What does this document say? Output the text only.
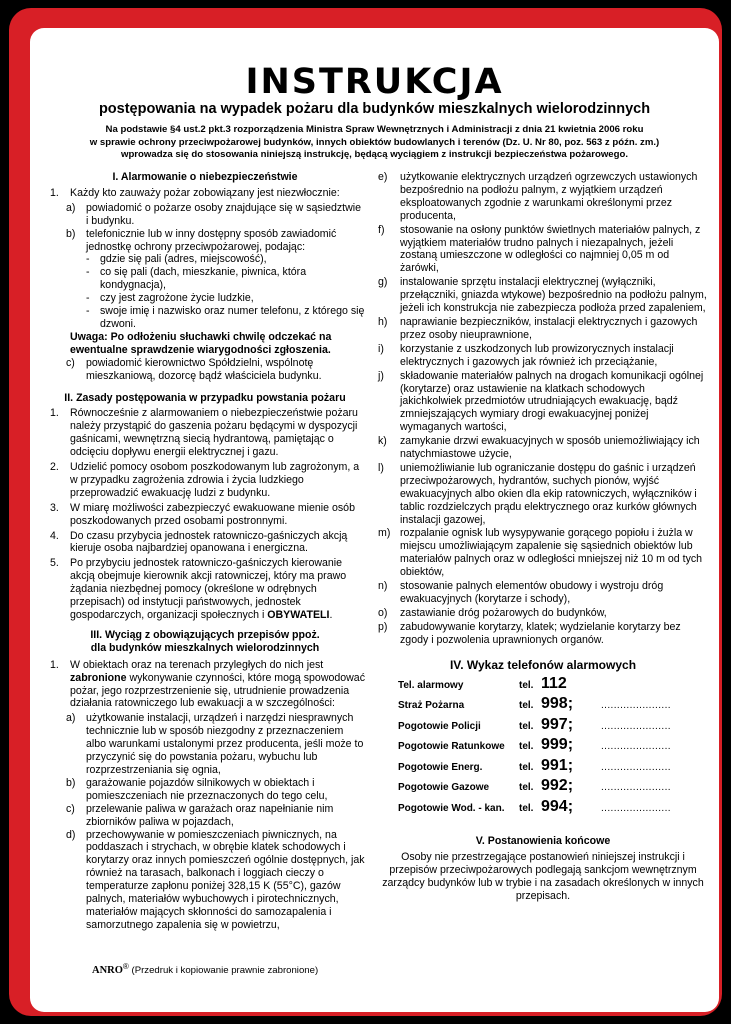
INSTRUKCJA
postępowania na wypadek pożaru dla budynków mieszkalnych wielorodzinnych
Na podstawie §4 ust.2 pkt.3 rozporządzenia Ministra Spraw Wewnętrznych i Administracji z dnia 21 kwietnia 2006 roku
w sprawie ochrony przeciwpożarowej budynków, innych obiektów budowlanych i terenów (Dz. U. Nr 80, poz. 563 z późn. zm.)
wprowadza się do stosowania niniejszą instrukcję, będącą wyciągiem z instrukcji bezpieczeństwa pożarowego.
I. Alarmowanie o niebezpieczeństwie
1. Każdy kto zauważy pożar zobowiązany jest niezwłocznie:
a) powiadomić o pożarze osoby znajdujące się w sąsiedztwie i budynku.
b) telefonicznie lub w inny dostępny sposób zawiadomić jednostkę ochrony przeciwpożarowej, podając:
- gdzie się pali (adres, miejscowość),
- co się pali (dach, mieszkanie, piwnica, która kondygnacja),
- czy jest zagrożone życie ludzkie,
- swoje imię i nazwisko oraz numer telefonu, z którego się dzwoni.
Uwaga: Po odłożeniu słuchawki chwilę odczekać na ewentualne sprawdzenie wiarygodności zgłoszenia.
c) powiadomić kierownictwo Spółdzielni, wspólnotę mieszkaniową, dozorcę bądź właściciela budynku.
II. Zasady postępowania w przypadku powstania pożaru
1. Równocześnie z alarmowaniem o niebezpieczeństwie pożaru należy przystąpić do gaszenia pożaru będącymi w dyspozycji gaśnicami, wewnętrzną siecią hydrantową, pamiętając o odcięciu dopływu energii elektrycznej i gazu.
2. Udzielić pomocy osobom poszkodowanym lub zagrożonym, a w przypadku zagrożenia zdrowia i życia ludzkiego przeprowadzić ewakuację ludzi z budynku.
3. W miarę możliwości zabezpieczyć ewakuowane mienie osób poszkodowanych przed osobami postronnymi.
4. Do czasu przybycia jednostek ratowniczo-gaśniczych akcją kieruje osoba najbardziej opanowana i energiczna.
5. Po przybyciu jednostek ratowniczo-gaśniczych kierowanie akcją obejmuje kierownik akcji ratowniczej, który ma prawo żądania niezbędnej pomocy (określone w odrębnych przepisach) od instytucji państwowych, jednostek gospodarczych, organizacji społecznych i OBYWATELI.
III. Wyciąg z obowiązujących przepisów ppoż.
dla budynków mieszkalnych wielorodzinnych
1. W obiektach oraz na terenach przyległych do nich jest zabronione wykonywanie czynności, które mogą spowodować pożar, jego rozprzestrzenienie się, utrudnienie prowadzenia działania ratowniczego lub ewakuacji a w szczególności:
a) użytkowanie instalacji, urządzeń i narzędzi niesprawnych technicznie lub w sposób niezgodny z przeznaczeniem albo warunkami ustalonymi przez producenta, jeśli może to przyczynić się do powstania pożaru, wybuchu lub rozprzestrzeniania się ognia,
b) garażowanie pojazdów silnikowych w obiektach i pomieszczeniach nie przeznaczonych do tego celu,
c) przelewanie paliwa w garażach oraz napełnianie nim zbiorników paliwa w pojazdach,
d) przechowywanie w pomieszczeniach piwnicznych, na poddaszach i strychach, w obrębie klatek schodowych i korytarzy oraz innych pomieszczeń ogólnie dostępnych, jak również na tarasach, balkonach i loggiach cieczy o temperaturze zapłonu poniżej 328,15 K (55°C), gazów palnych, materiałów wybuchowych i pirotechnicznych, materiałów mających skłonności do samozapalenia i samorzutnego zapalenia się w powietrzu,
e) użytkowanie elektrycznych urządzeń ogrzewczych ustawionych bezpośrednio na podłożu palnym, z wyjątkiem urządzeń eksploatowanych zgodnie z warunkami określonymi przez producenta,
f) stosowanie na osłony punktów świetlnych materiałów palnych, z wyjątkiem materiałów trudno palnych i niezapalnych, jeżeli zostaną umieszczone w odległości co najmniej 0,05 m od żarówki,
g) instalowanie sprzętu instalacji elektrycznej (wyłączniki, przełączniki, gniazda wtykowe) bezpośrednio na podłożu palnym, jeżeli ich konstrukcja nie zabezpiecza podłoża przed zapaleniem,
h) naprawianie bezpieczników, instalacji elektrycznych i gazowych przez osoby nieuprawnione,
i) korzystanie z uszkodzonych lub prowizorycznych instalacji elektrycznych i gazowych jak również ich przeciążanie,
j) składowanie materiałów palnych na drogach komunikacji ogólnej (korytarze) oraz ustawienie na klatkach schodowych jakichkolwiek przedmiotów utrudniających ewakuację, bądź zmniejszających wymiary drogi ewakuacyjnej poniżej wymaganych wartości,
k) zamykanie drzwi ewakuacyjnych w sposób uniemożliwiający ich natychmiastowe użycie,
l) uniemożliwianie lub ograniczanie dostępu do gaśnic i urządzeń przeciwpożarowych, hydrantów, suchych pionów, wyjść ewakuacyjnych albo okien dla ekip ratowniczych, wyłączników i tablic rozdzielczych prądu elektrycznego oraz kurków głównych instalacji gazowej,
m) rozpalanie ognisk lub wysypywanie gorącego popiołu i żużla w miejscu umożliwiającym zapalenie się sąsiednich obiektów lub materiałów palnych oraz w odległości mniejszej niż 10 m od tych obiektów,
n) stosowanie palnych elementów obudowy i wystroju dróg ewakuacyjnych (korytarze i schody),
o) zastawianie dróg pożarowych do budynków,
p) zabudowywanie korytarzy, klatek; wydzielanie korytarzy bez zgody i pozwolenia uprawnionych organów.
IV. Wykaz telefonów alarmowych
Tel. alarmowy	tel. 112
Straż Pożarna	tel. 998;	......................
Pogotowie Policji	tel. 997;	......................
Pogotowie Ratunkowe	tel. 999;	......................
Pogotowie Energ.	tel. 991;	......................
Pogotowie Gazowe	tel. 992;	......................
Pogotowie Wod. - kan.	tel. 994;	......................
V. Postanowienia końcowe
Osoby nie przestrzegające postanowień niniejszej instrukcji i przepisów przeciwpożarowych podlegają sankcjom wewnętrznym zarządcy budynków lub w trybie i na zasadach określonych w innych przepisach.
ANRO® (Przedruk i kopiowanie prawnie zabronione)
